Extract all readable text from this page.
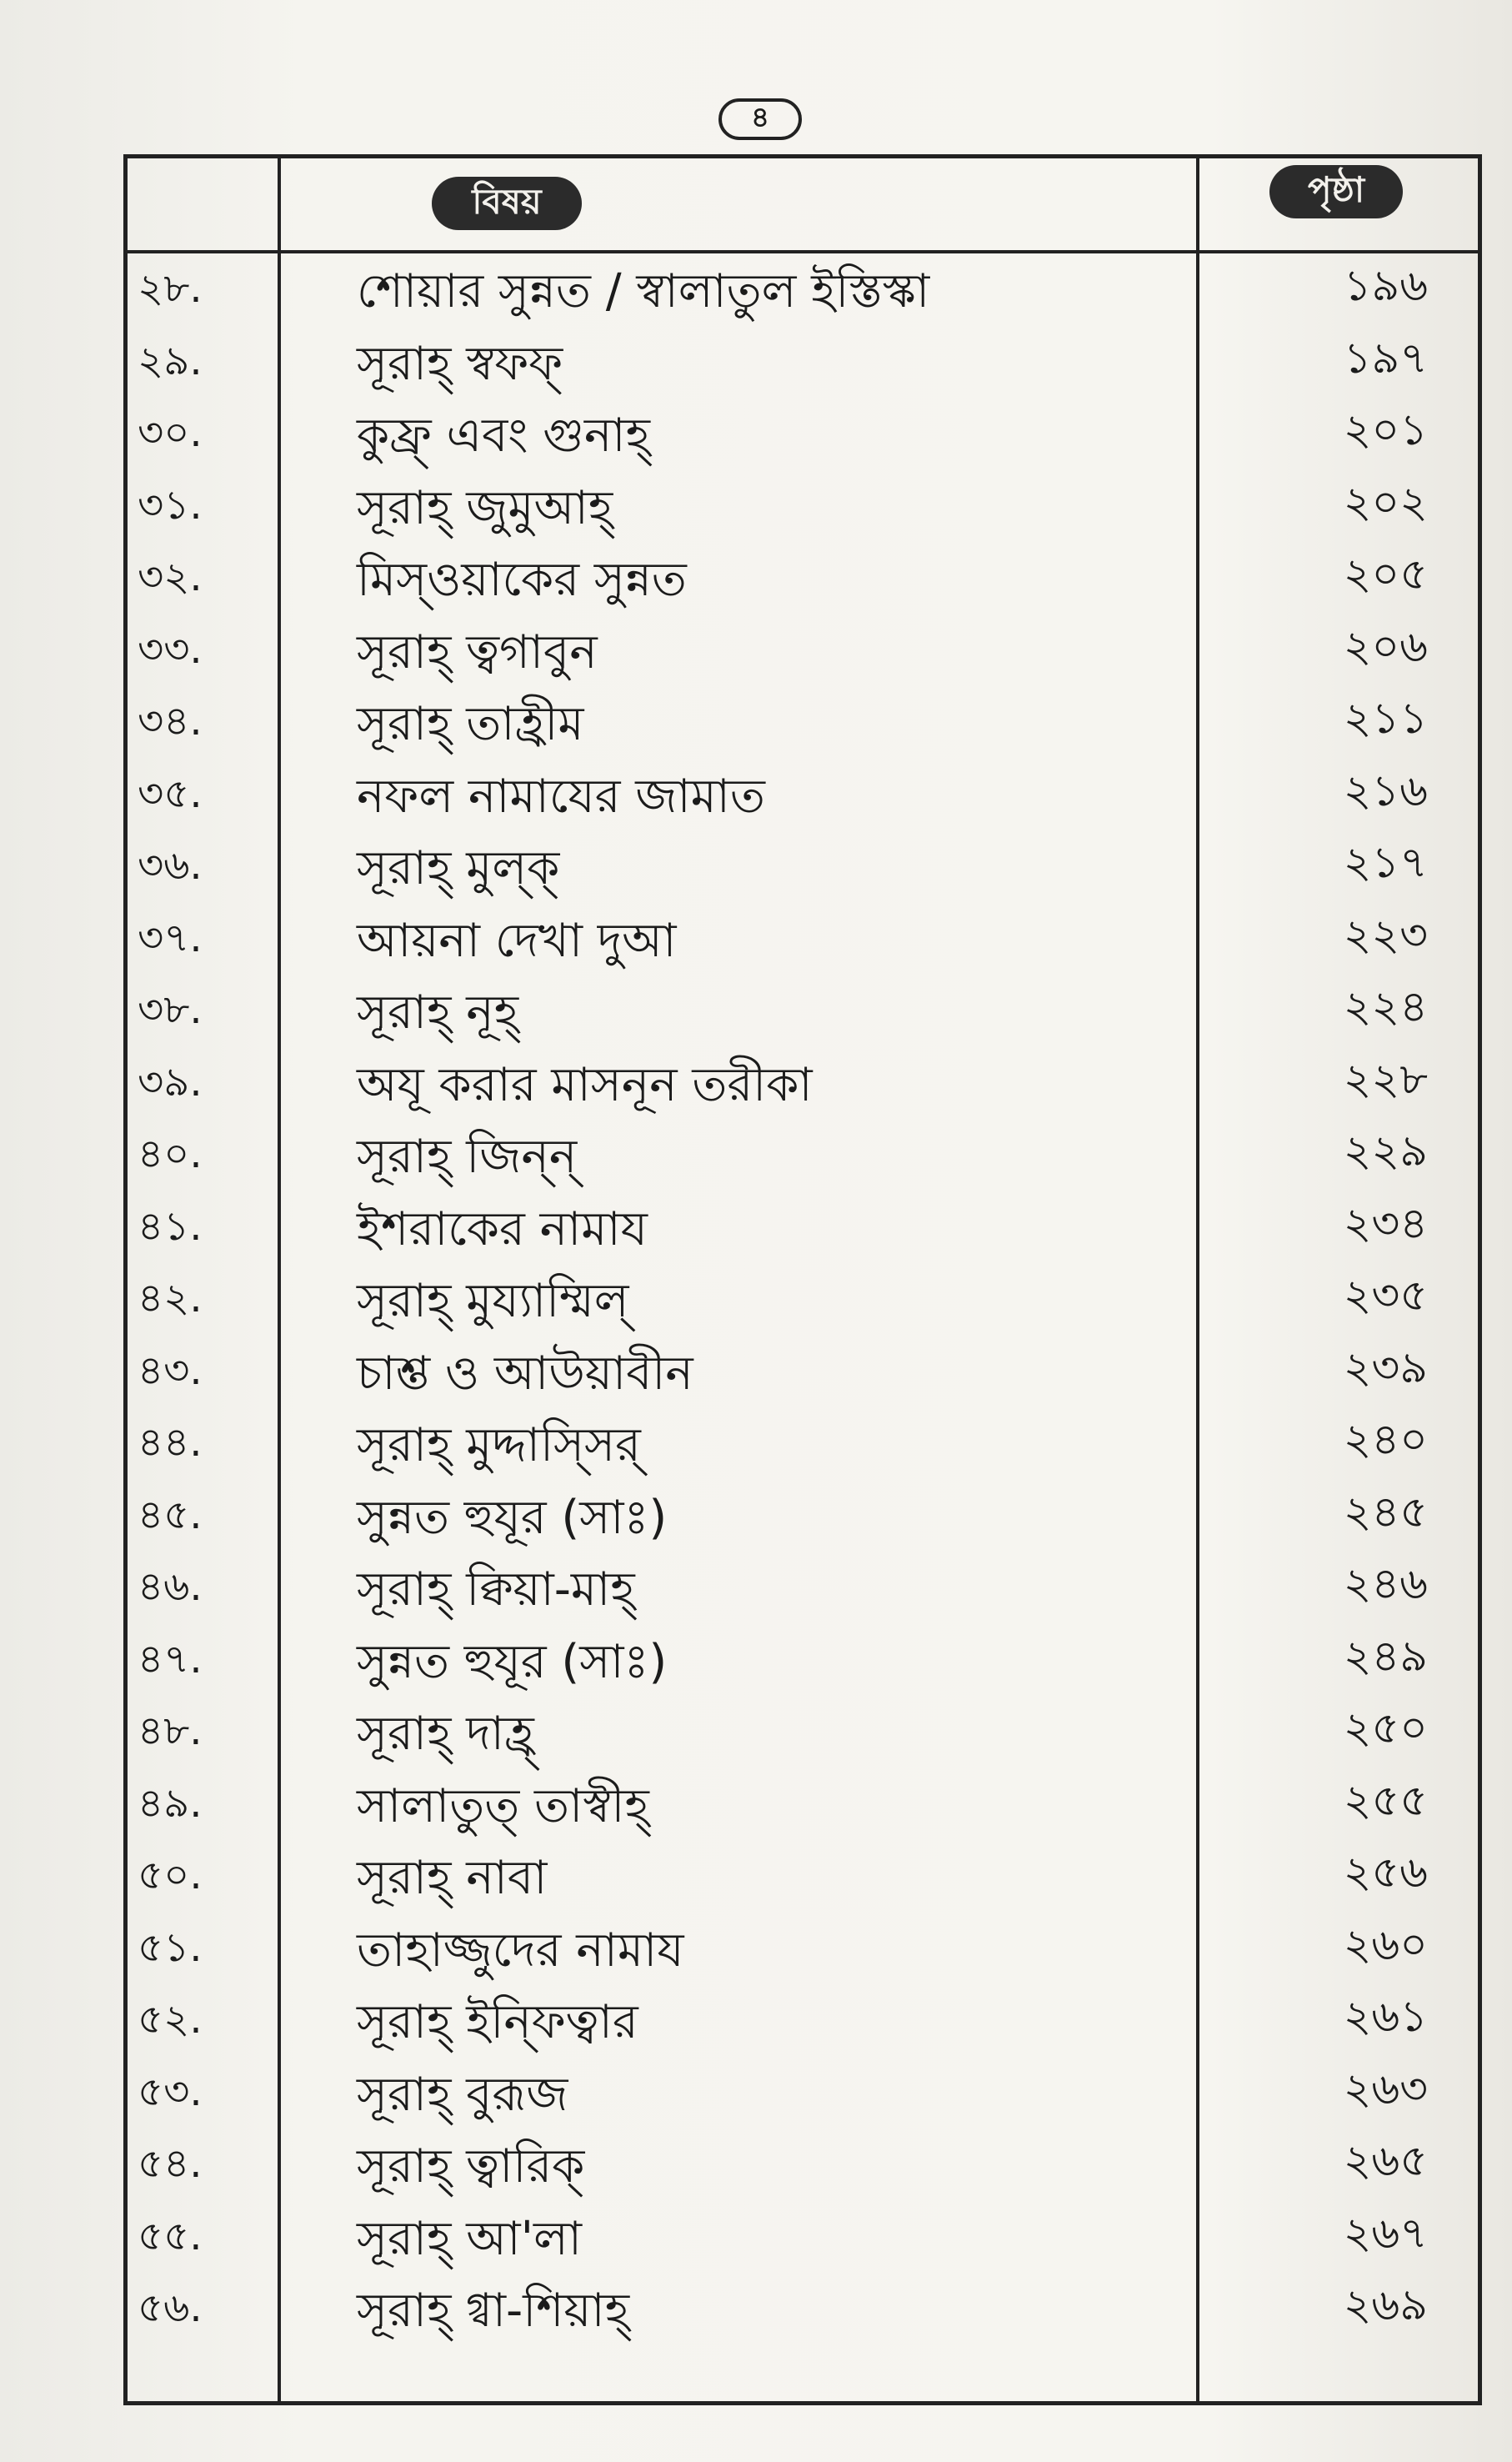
৪
বিষয়	পৃষ্ঠা
২৮.	শোয়ার সুন্নত / স্বালাতুল ইস্তিস্কা	১৯৬
২৯.	সূরাহ্ স্বফফ্	১৯৭
৩০.	কুফ্র্ এবং গুনাহ্	২০১
৩১.	সূরাহ্ জুমুআহ্	২০২
৩২.	মিস্ওয়াকের সুন্নত	২০৫
৩৩.	সূরাহ্ ত্বগাবুন	২০৬
৩৪.	সূরাহ্ তাহ্রীম	২১১
৩৫.	নফল নামাযের জামাত	২১৬
৩৬.	সূরাহ্ মুল্ক্	২১৭
৩৭.	আয়না দেখা দুআ	২২৩
৩৮.	সূরাহ্ নূহ্	২২৪
৩৯.	অযূ করার মাসনূন তরীকা	২২৮
৪০.	সূরাহ্ জিন্ন্	২২৯
৪১.	ইশরাকের নামায	২৩৪
৪২.	সূরাহ্ মুয্যাম্মিল্	২৩৫
৪৩.	চাশ্ত ও আউয়াবীন	২৩৯
৪৪.	সূরাহ্ মুদ্দাস্সির্	২৪০
৪৫.	সুন্নত হুযূর (সাঃ)	২৪৫
৪৬.	সূরাহ্ ক্বিয়া-মাহ্	২৪৬
৪৭.	সুন্নত হুযূর (সাঃ)	২৪৯
৪৮.	সূরাহ্ দাহ্র্	২৫০
৪৯.	সালাতুত্ তাস্বীহ্	২৫৫
৫০.	সূরাহ্ নাবা	২৫৬
৫১.	তাহাজ্জুদের নামায	২৬০
৫২.	সূরাহ্ ইন্ফিত্বার	২৬১
৫৩.	সূরাহ্ বুরূজ	২৬৩
৫৪.	সূরাহ্ ত্বারিক্	২৬৫
৫৫.	সূরাহ্ আ'লা	২৬৭
৫৬.	সূরাহ্ গ্বা-শিয়াহ্	২৬৯
